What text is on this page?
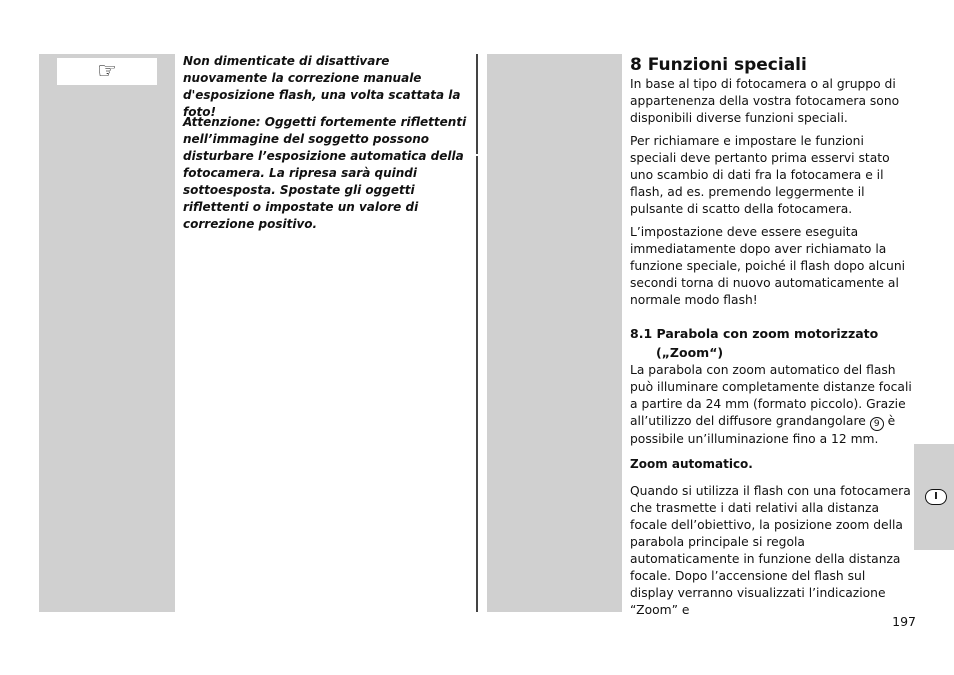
☞	Non dimenticate di disattivare nuovamente la correzione manuale d'esposizione flash, una volta scattata la foto!

Attenzione: Oggetti fortemente riflettenti nell’immagine del soggetto possono disturbare l’esposizione automatica della fotocamera. La ripresa sarà quindi sottoesposta. Spostate gli oggetti riflettenti o impostate un valore di correzione positivo.

8 Funzioni speciali

In base al tipo di fotocamera o al gruppo di appartenenza della vostra fotocamera sono disponibili diverse funzioni speciali.

Per richiamare e impostare le funzioni speciali deve pertanto prima esservi stato uno scambio di dati fra la fotocamera e il flash, ad es. premendo leggermente il pulsante di scatto della fotocamera.

L’impostazione deve essere eseguita immediatamente dopo aver richiamato la funzione speciale, poiché il flash dopo alcuni secondi torna di nuovo automaticamente al normale modo flash!

8.1 Parabola con zoom motorizzato
(„Zoom“)

La parabola con zoom automatico del flash può illuminare completamente distanze focali a partire da 24 mm (formato piccolo). Grazie all’utilizzo del diffusore grandangolare 9 è possibile un’illuminazione fino a 12 mm.

Zoom automatico.

Quando si utilizza il flash con una fotocamera che trasmette i dati relativi alla distanza focale dell’obiettivo, la posizione zoom della parabola principale si regola automaticamente in funzione della distanza focale. Dopo l’accensione del flash sul display verranno visualizzati l’indicazione “Zoom” e

I
197
